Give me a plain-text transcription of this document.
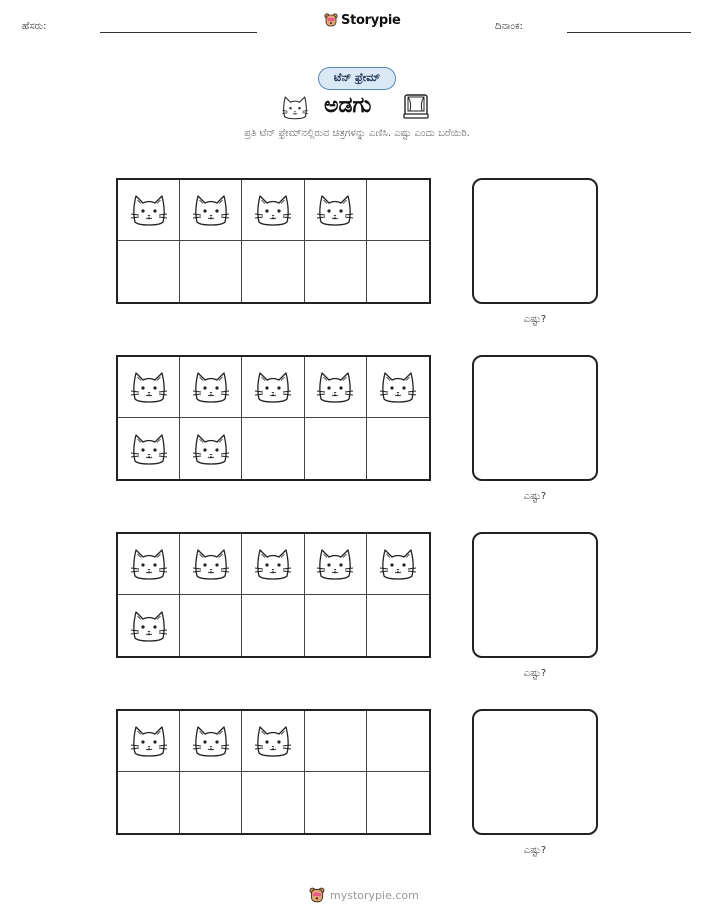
ಹೆಸರು:	Storypie	ದಿನಾಂಕ:
ಟೆನ್ ಫ್ರೇಮ್
ಅಡಗು
ಪ್ರತಿ ಟೆನ್ ಫ್ರೇಮ್‌ನಲ್ಲಿರುವ ಚಿತ್ರಗಳನ್ನು ಎಣಿಸಿ. ಎಷ್ಟು ಎಂದು ಬರೆಯಿರಿ.
ಎಷ್ಟು?
ಎಷ್ಟು?
ಎಷ್ಟು?
ಎಷ್ಟು?
mystorypie.com
